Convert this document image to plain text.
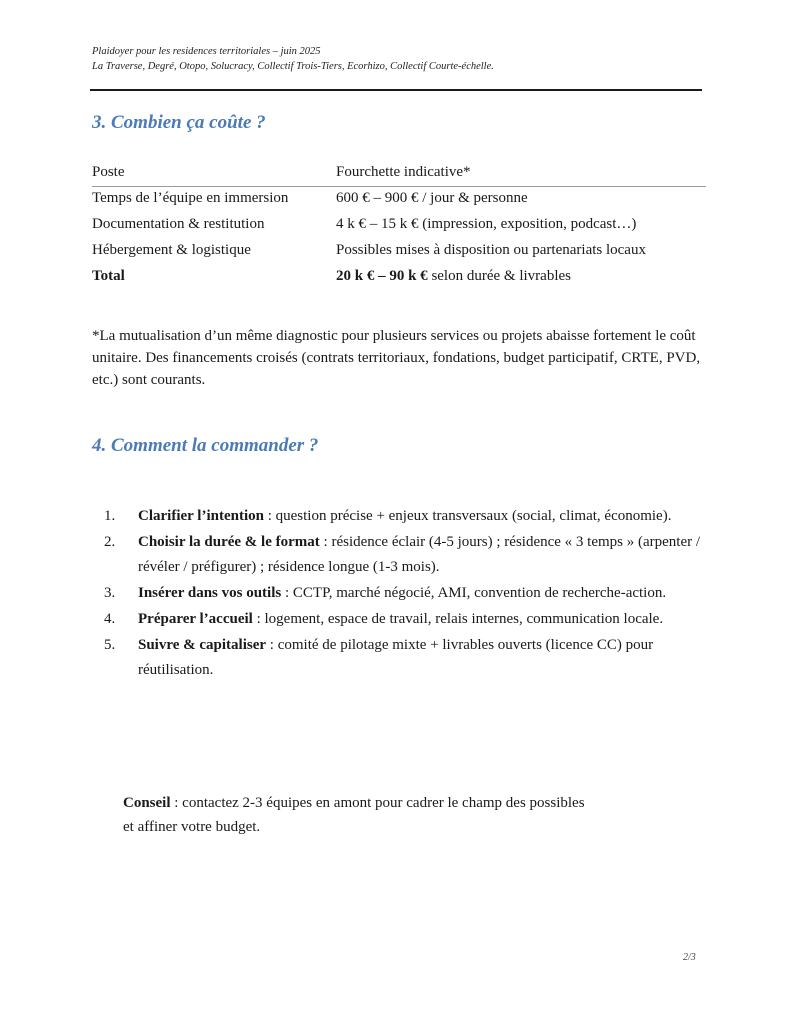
Plaidoyer pour les residences territoriales – juin 2025
La Traverse, Degré, Otopo, Solucracy, Collectif Trois-Tiers, Ecorhizo, Collectif Courte-échelle.
3. Combien ça coûte ?
Poste	Fourchette indicative*
Temps de l’équipe en immersion	600 € – 900 € / jour & personne
Documentation & restitution	4 k € – 15 k € (impression, exposition, podcast…)
Hébergement & logistique	Possibles mises à disposition ou partenariats locaux
Total	20 k € – 90 k € selon durée & livrables
*La mutualisation d’un même diagnostic pour plusieurs services ou projets abaisse fortement le coût unitaire. Des financements croisés (contrats territoriaux, fondations, budget participatif, CRTE, PVD, etc.) sont courants.
4. Comment la commander ?
1. Clarifier l’intention : question précise + enjeux transversaux (social, climat, économie).
2. Choisir la durée & le format : résidence éclair (4-5 jours) ; résidence « 3 temps » (arpenter / révéler / préfigurer) ; résidence longue (1-3 mois).
3. Insérer dans vos outils : CCTP, marché négocié, AMI, convention de recherche-action.
4. Préparer l’accueil : logement, espace de travail, relais internes, communication locale.
5. Suivre & capitaliser : comité de pilotage mixte + livrables ouverts (licence CC) pour réutilisation.
Conseil : contactez 2-3 équipes en amont pour cadrer le champ des possibles
et affiner votre budget.
2/3
